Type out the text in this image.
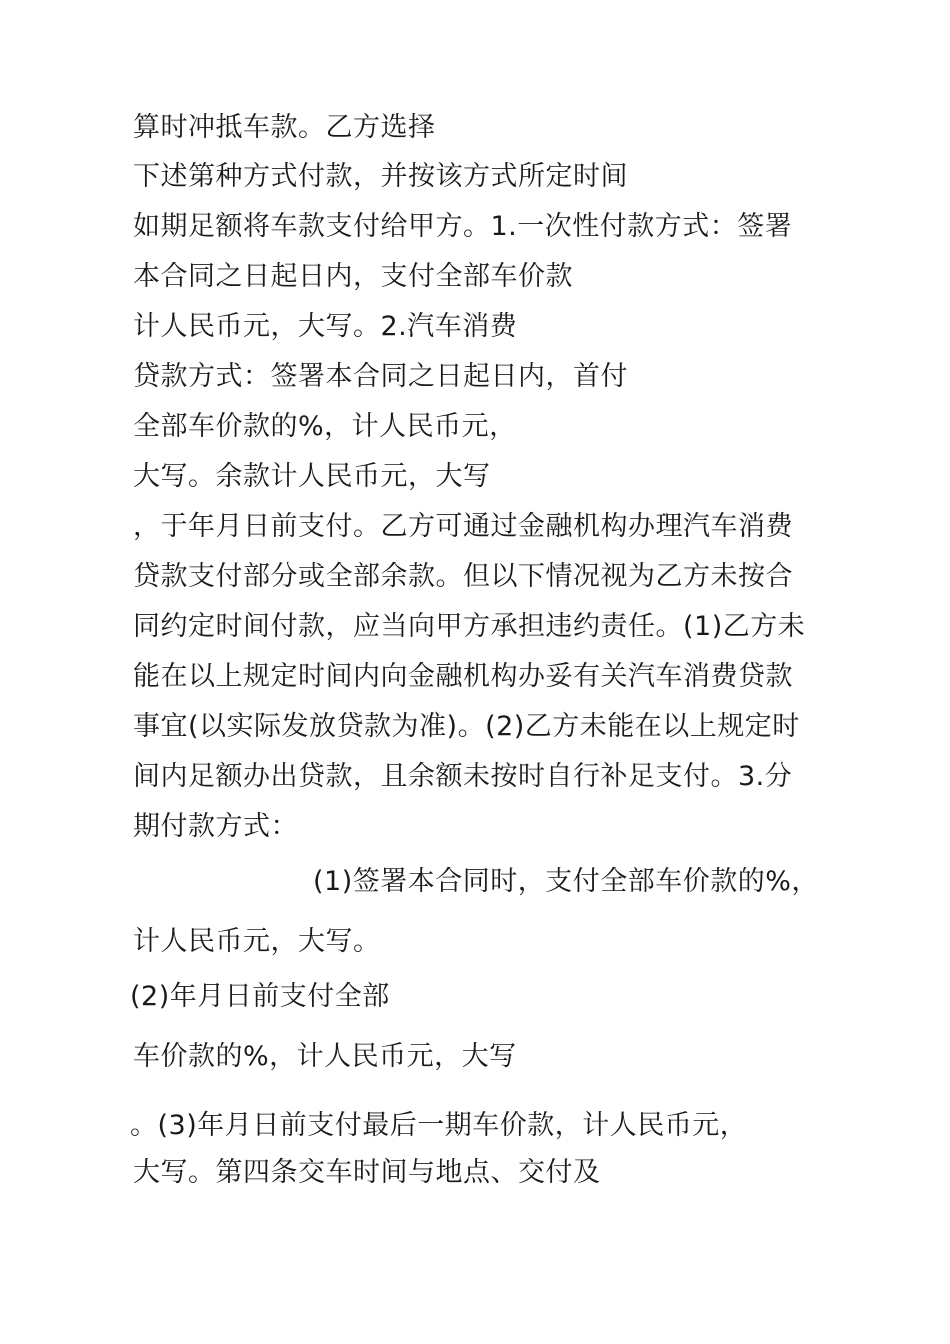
算时冲抵车款。乙方选择
下述第种方式付款，并按该方式所定时间
如期足额将车款支付给甲方。1.一次性付款方式：签署
本合同之日起日内，支付全部车价款
计人民币元，大写。2.汽车消费
贷款方式：签署本合同之日起日内，首付
全部车价款的%，计人民币元，
大写。余款计人民币元，大写
，于年月日前支付。乙方可通过金融机构办理汽车消费
贷款支付部分或全部余款。但以下情况视为乙方未按合
同约定时间付款，应当向甲方承担违约责任。(1)乙方未
能在以上规定时间内向金融机构办妥有关汽车消费贷款
事宜(以实际发放贷款为准)。(2)乙方未能在以上规定时
间内足额办出贷款，且余额未按时自行补足支付。3.分
期付款方式：
(1)签署本合同时，支付全部车价款的%，
计人民币元，大写。
(2)年月日前支付全部
车价款的%，计人民币元，大写
。(3)年月日前支付最后一期车价款，计人民币元，
大写。第四条交车时间与地点、交付及
